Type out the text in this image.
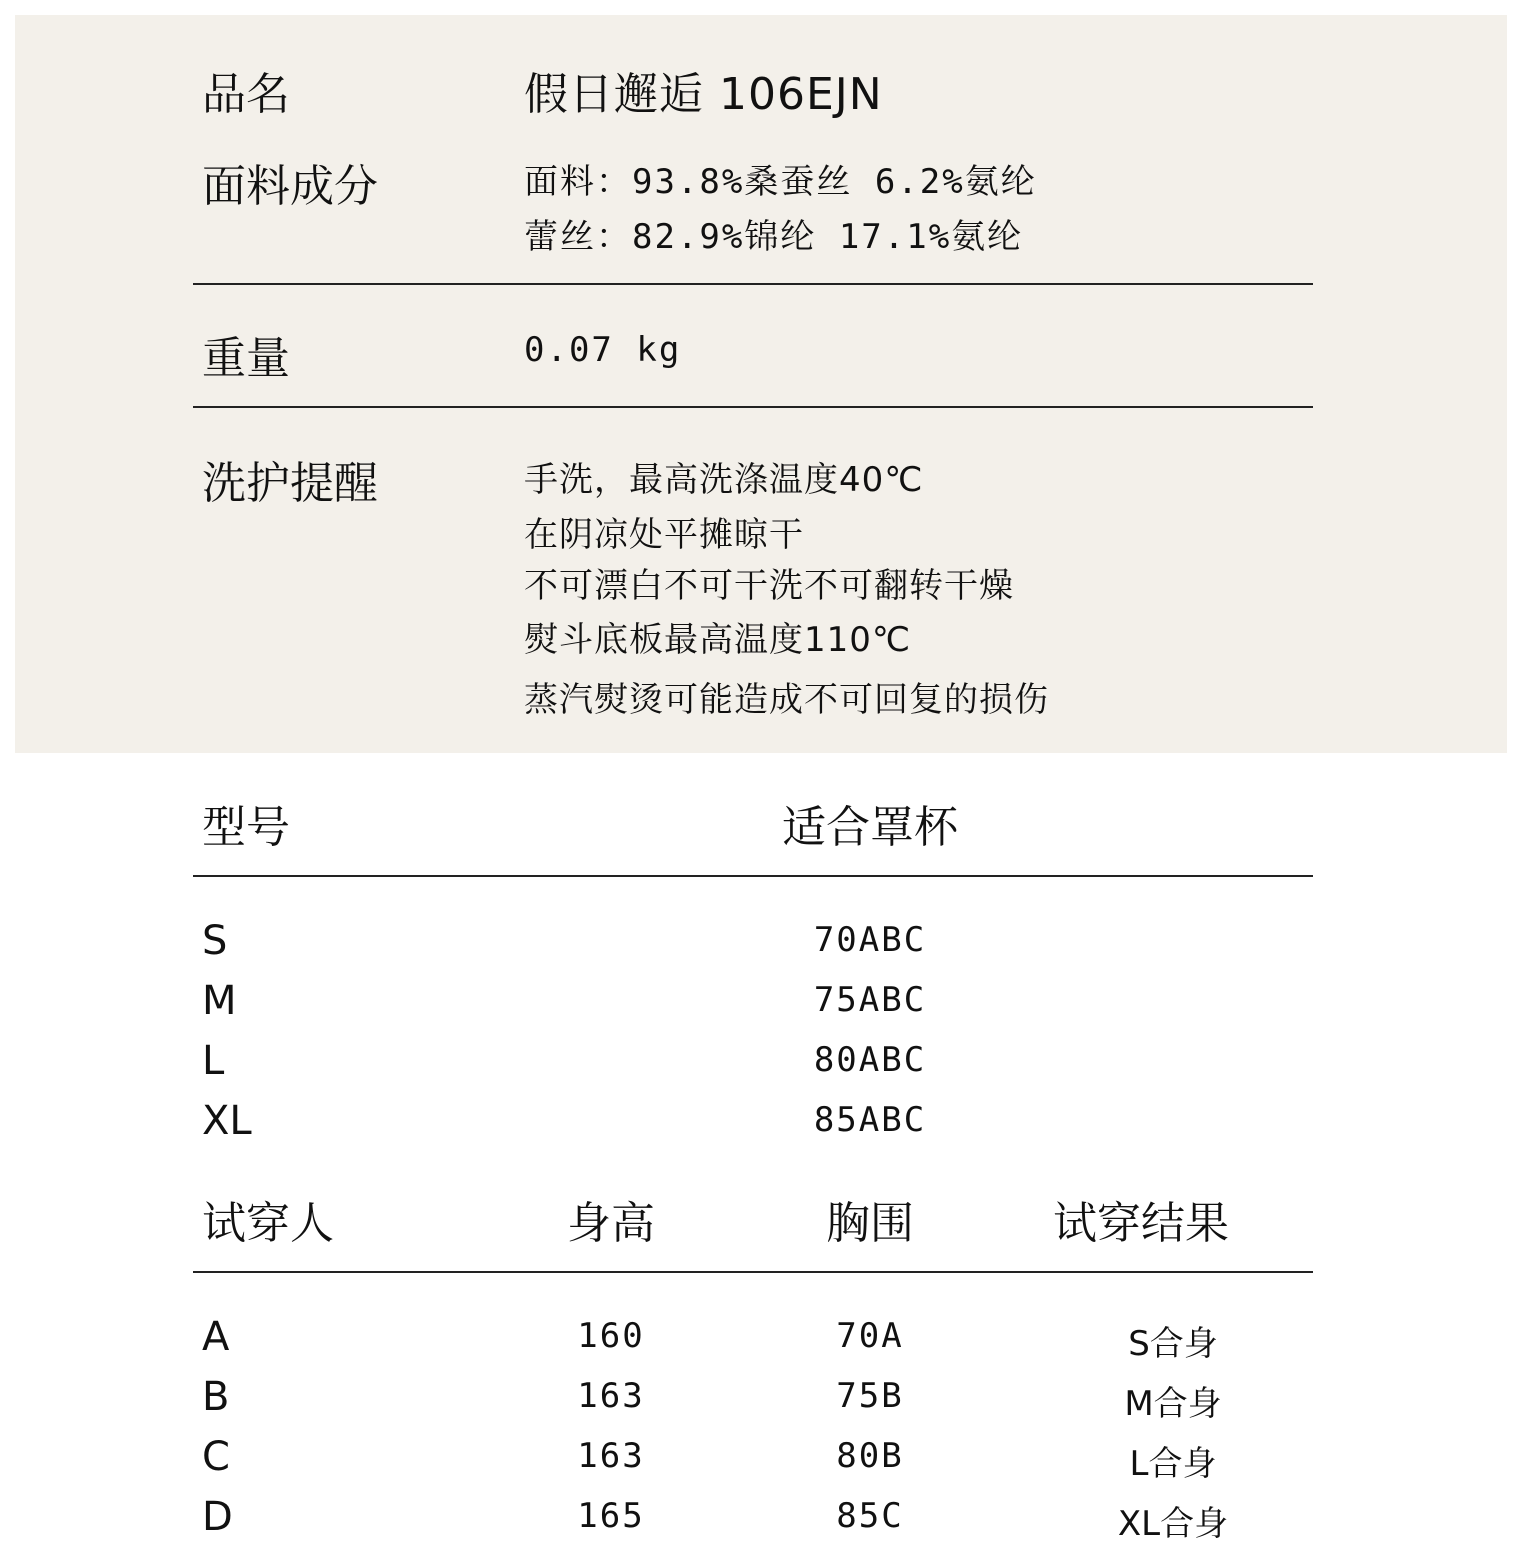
品名	假日邂逅 106EJN
面料成分	面料：93.8%桑蚕丝 6.2%氨纶
蕾丝：82.9%锦纶 17.1%氨纶
重量	0.07 kg
洗护提醒	手洗，最高洗涤温度40℃
在阴凉处平摊晾干
不可漂白不可干洗不可翻转干燥
熨斗底板最高温度110℃
蒸汽熨烫可能造成不可回复的损伤
型号	适合罩杯
S	70ABC
M	75ABC
L	80ABC
XL	85ABC
试穿人	身高	胸围	试穿结果
A	160	70A	S合身
B	163	75B	M合身
C	163	80B	L合身
D	165	85C	XL合身
